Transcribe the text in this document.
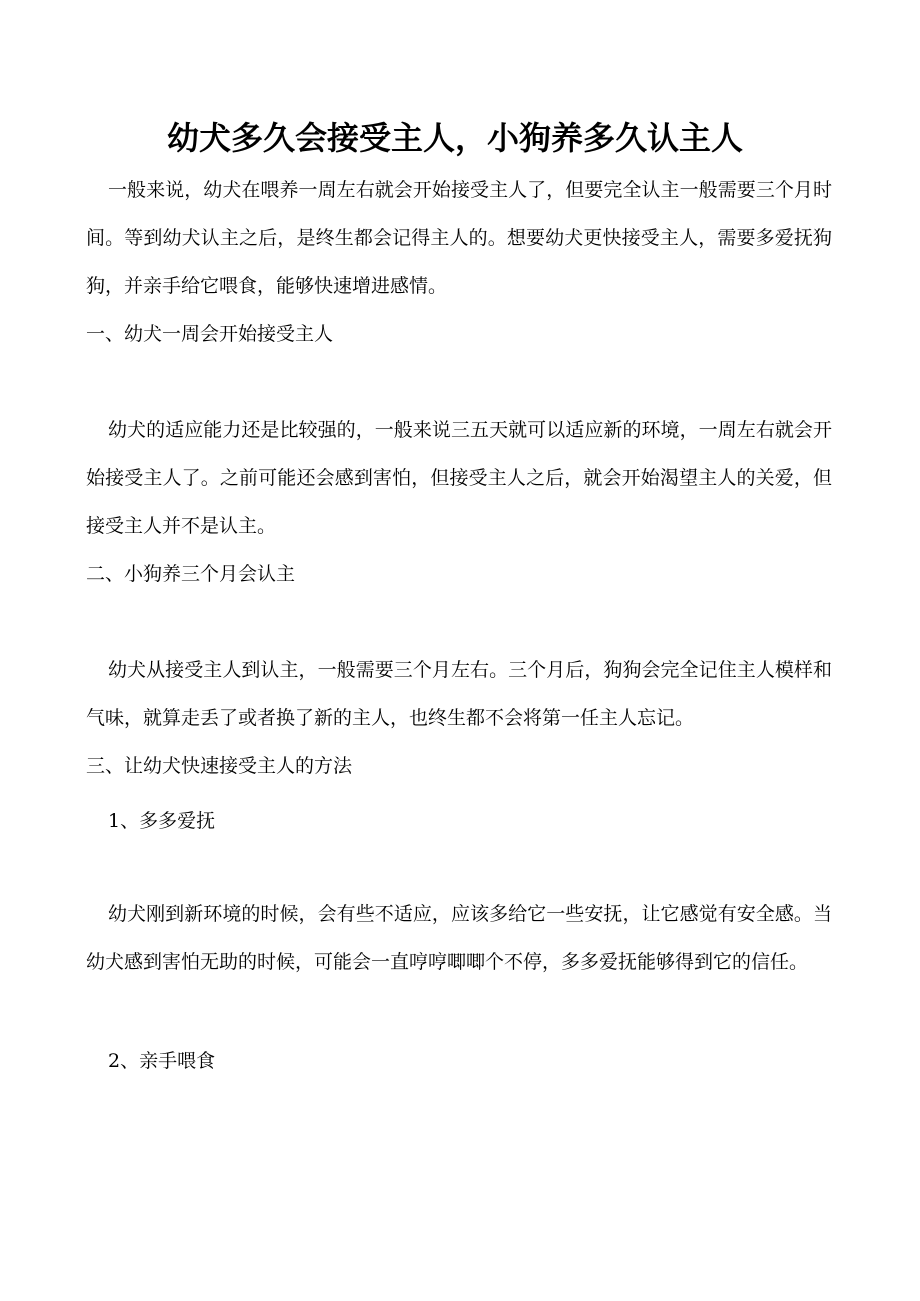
幼犬多久会接受主人，小狗养多久认主人

一般来说，幼犬在喂养一周左右就会开始接受主人了，但要完全认主一般需要三个月时间。等到幼犬认主之后，是终生都会记得主人的。想要幼犬更快接受主人，需要多爱抚狗狗，并亲手给它喂食，能够快速增进感情。

一、幼犬一周会开始接受主人

幼犬的适应能力还是比较强的，一般来说三五天就可以适应新的环境，一周左右就会开始接受主人了。之前可能还会感到害怕，但接受主人之后，就会开始渴望主人的关爱，但接受主人并不是认主。

二、小狗养三个月会认主

幼犬从接受主人到认主，一般需要三个月左右。三个月后，狗狗会完全记住主人模样和气味，就算走丢了或者换了新的主人，也终生都不会将第一任主人忘记。

三、让幼犬快速接受主人的方法

1、多多爱抚

幼犬刚到新环境的时候，会有些不适应，应该多给它一些安抚，让它感觉有安全感。当幼犬感到害怕无助的时候，可能会一直哼哼唧唧个不停，多多爱抚能够得到它的信任。

2、亲手喂食
